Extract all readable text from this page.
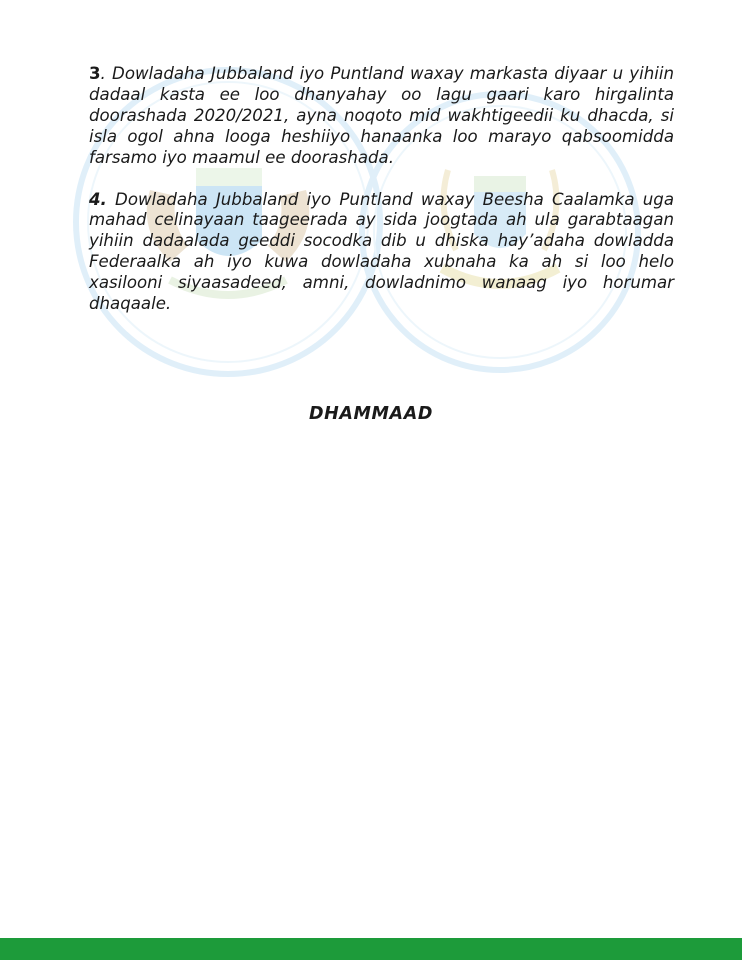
3. Dowladaha Jubbaland iyo Puntland waxay markasta diyaar u yihiin dadaal kasta ee loo dhanyahay oo lagu gaari karo hirgalinta doorashada 2020/2021, ayna noqoto mid wakhtigeedii ku dhacda, si isla ogol ahna looga heshiiyo hanaanka loo marayo qabsoomidda farsamo iyo maamul ee doorashada.

4. Dowladaha Jubbaland iyo Puntland waxay Beesha Caalamka uga mahad celinayaan taageerada ay sida joogtada ah ula garabtaagan yihiin dadaalada geeddi socodka dib u dhiska hay’adaha dowladda Federaalka ah iyo kuwa dowladaha xubnaha ka ah si loo helo xasilooni siyaasadeed, amni, dowladnimo wanaag iyo horumar dhaqaale.

DHAMMAAD
